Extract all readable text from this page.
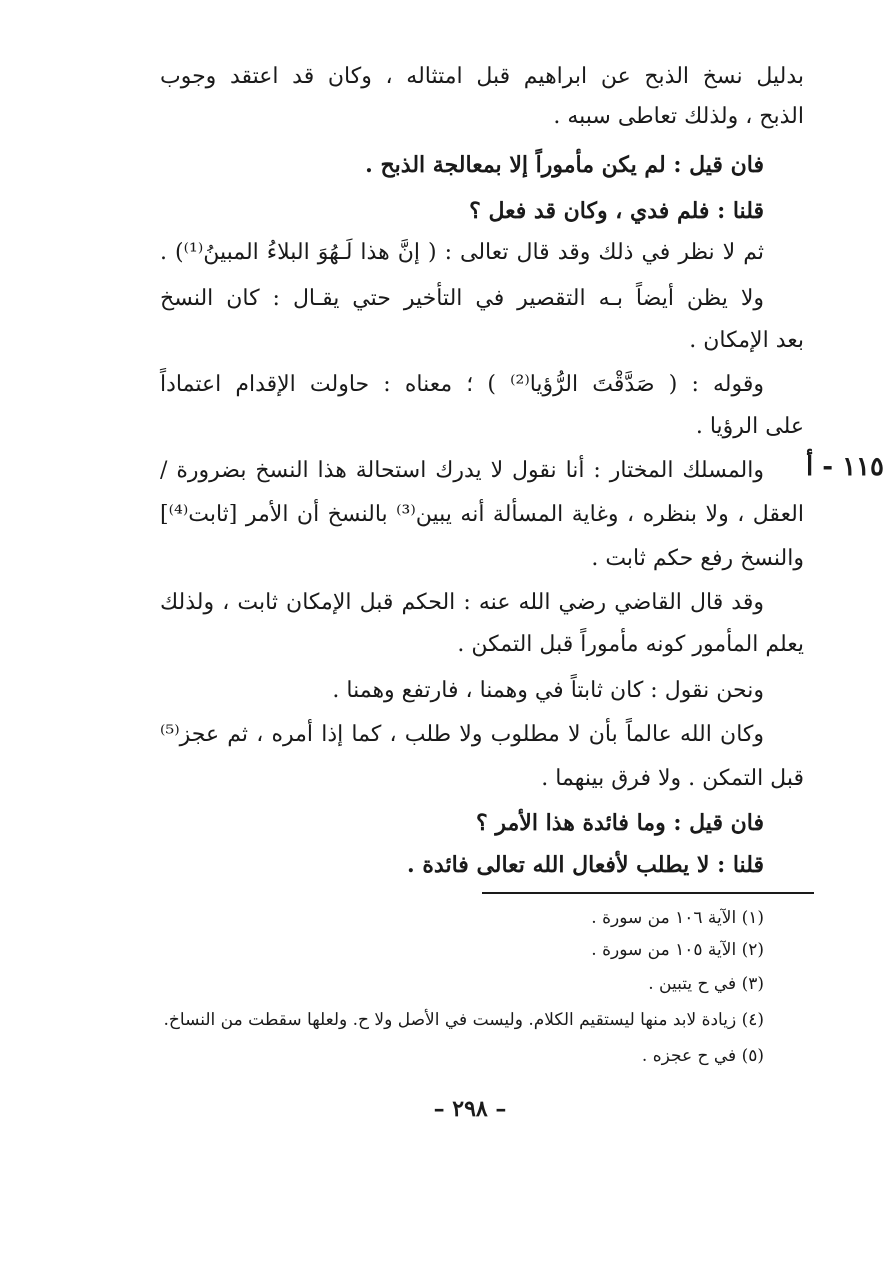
بدليل نسخ الذبح عن ابراهيم قبل امتثاله ، وكان قد اعتقد وجوب
الذبح ، ولذلك تعاطى سببه .
فان قيل : لم يكن مأموراً إلا بمعالجة الذبح .
قلنا : فلم فدي ، وكان قد فعل ؟
ثم لا نظر في ذلك وقد قال تعالى : ( إنَّ هذا لَـهُوَ البلاءُ المبينُ⁽¹⁾) .
ولا يظن أيضاً بـه التقصير في التأخير حتي يقـال : كان النسخ
بعد الإمكان .
وقوله : ( صَدَّقْتَ الرُّؤيا⁽²⁾ ) ؛ معناه : حاولت الإقدام اعتماداً
على الرؤيا .
١١٥ - أ
والمسلك المختار : أنا نقول لا يدرك استحالة هذا النسخ بضرورة /
العقل ، ولا بنظره ، وغاية المسألة أنه يبين⁽³⁾ بالنسخ أن الأمر [ثابت⁽⁴⁾]
والنسخ رفع حكم ثابت .
وقد قال القاضي رضي الله عنه : الحكم قبل الإمكان ثابت ، ولذلك
يعلم المأمور كونه مأموراً قبل التمكن .
ونحن نقول : كان ثابتاً في وهمنا ، فارتفع وهمنا .
وكان الله عالماً بأن لا مطلوب ولا طلب ، كما إذا أمره ، ثم عجز⁽⁵⁾
قبل التمكن . ولا فرق بينهما .
فان قيل : وما فائدة هذا الأمر ؟
قلنا : لا يطلب لأفعال الله تعالى فائدة .
(١) الآية ١٠٦ من سورة .
(٢) الآية ١٠٥ من سورة .
(٣) في ح يتبين .
(٤) زيادة لابد منها ليستقيم الكلام. وليست في الأصل ولا ح. ولعلها سقطت من النساخ.
(٥) في ح عجزه .
– ٢٩٨ –
